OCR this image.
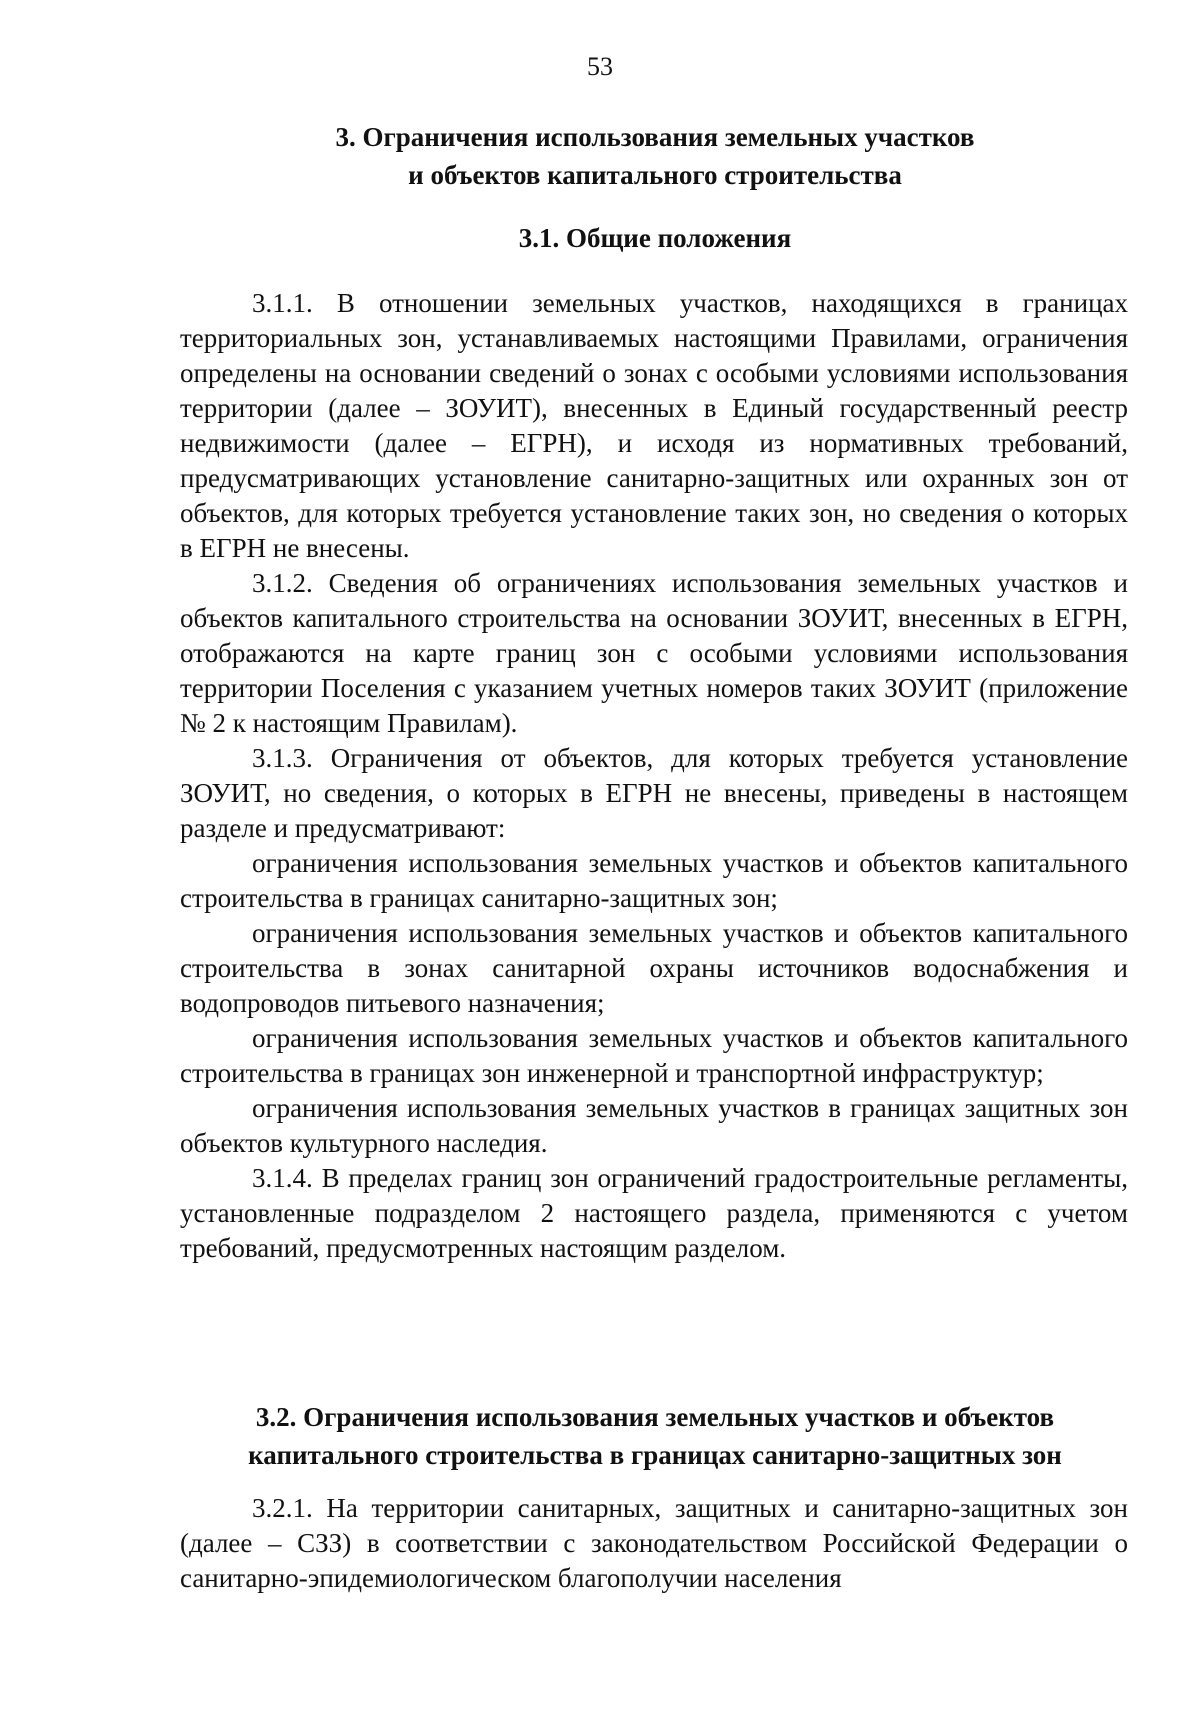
53
3. Ограничения использования земельных участков
и объектов капитального строительства
3.1. Общие положения

3.1.1. В отношении земельных участков, находящихся в границах территориальных зон, устанавливаемых настоящими Правилами, ограничения определены на основании сведений о зонах с особыми условиями использования территории (далее – ЗОУИТ), внесенных в Единый государственный реестр недвижимости (далее – ЕГРН), и исходя из нормативных требований, предусматривающих установление санитарно-защитных или охранных зон от объектов, для которых требуется установление таких зон, но сведения о которых в ЕГРН не внесены.

3.1.2. Сведения об ограничениях использования земельных участков и объектов капитального строительства на основании ЗОУИТ, внесенных в ЕГРН, отображаются на карте границ зон с особыми условиями использования территории Поселения с указанием учетных номеров таких ЗОУИТ (приложение № 2 к настоящим Правилам).

3.1.3. Ограничения от объектов, для которых требуется установление ЗОУИТ, но сведения, о которых в ЕГРН не внесены, приведены в настоящем разделе и предусматривают:

ограничения использования земельных участков и объектов капитального строительства в границах санитарно-защитных зон;

ограничения использования земельных участков и объектов капитального строительства в зонах санитарной охраны источников водоснабжения и водопроводов питьевого назначения;

ограничения использования земельных участков и объектов капитального строительства в границах зон инженерной и транспортной инфраструктур;

ограничения использования земельных участков в границах защитных зон объектов культурного наследия.

3.1.4. В пределах границ зон ограничений градостроительные регламенты, установленные подразделом 2 настоящего раздела, применяются с учетом требований, предусмотренных настоящим разделом.

3.2. Ограничения использования земельных участков и объектов
капитального строительства в границах санитарно-защитных зон

3.2.1. На территории санитарных, защитных и санитарно-защитных зон (далее – СЗЗ) в соответствии с законодательством Российской Федерации о санитарно-эпидемиологическом благополучии населения
